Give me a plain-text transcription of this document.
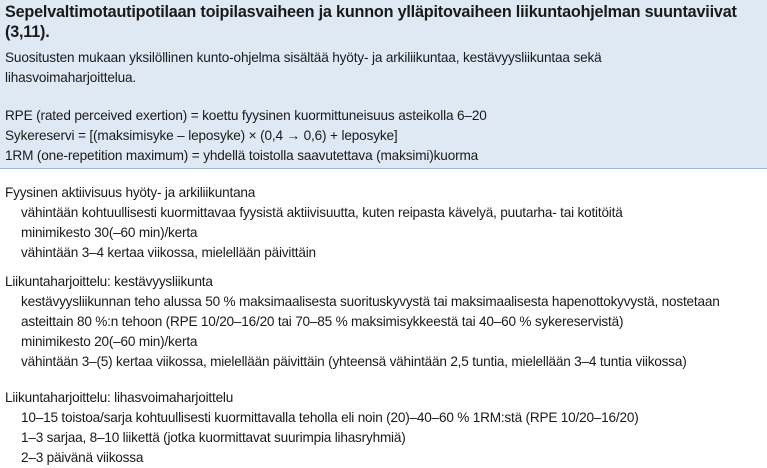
Sepelvaltimotautipotilaan toipilasvaiheen ja kunnon ylläpitovaiheen liikuntaohjelman suuntaviivat (3,11).
Suositusten mukaan yksilöllinen kunto-ohjelma sisältää hyöty- ja arkiliikuntaa, kestävyysliikuntaa sekä
lihasvoimaharjoittelua.
RPE (rated perceived exertion) = koettu fyysinen kuormittuneisuus asteikolla 6–20
Sykereservi = [(maksimisyke – leposyke) × (0,4 → 0,6) + leposyke]
1RM (one-repetition maximum) = yhdellä toistolla saavutettava (maksimi)kuorma
Fyysinen aktiivisuus hyöty- ja arkiliikuntana
vähintään kohtuullisesti kuormittavaa fyysistä aktiivisuutta, kuten reipasta kävelyä, puutarha- tai kotitöitä
minimikesto 30(–60 min)/kerta
vähintään 3–4 kertaa viikossa, mielellään päivittäin
Liikuntaharjoittelu: kestävyysliikunta
kestävyysliikunnan teho alussa 50 % maksimaalisesta suorituskyvystä tai maksimaalisesta hapenottokyvystä, nostetaan asteittain 80 %:n tehoon (RPE 10/20–16/20 tai 70–85 % maksimisykkeestä tai 40–60 % sykereservistä)
minimikesto 20(–60 min)/kerta
vähintään 3–(5) kertaa viikossa, mielellään päivittäin (yhteensä vähintään 2,5 tuntia, mielellään 3–4 tuntia viikossa)
Liikuntaharjoittelu: lihasvoimaharjoittelu
10–15 toistoa/sarja kohtuullisesti kuormittavalla teholla eli noin (20)–40–60 % 1RM:stä (RPE 10/20–16/20)
1–3 sarjaa, 8–10 liikettä (jotka kuormittavat suurimpia lihasryhmiä)
2–3 päivänä viikossa
